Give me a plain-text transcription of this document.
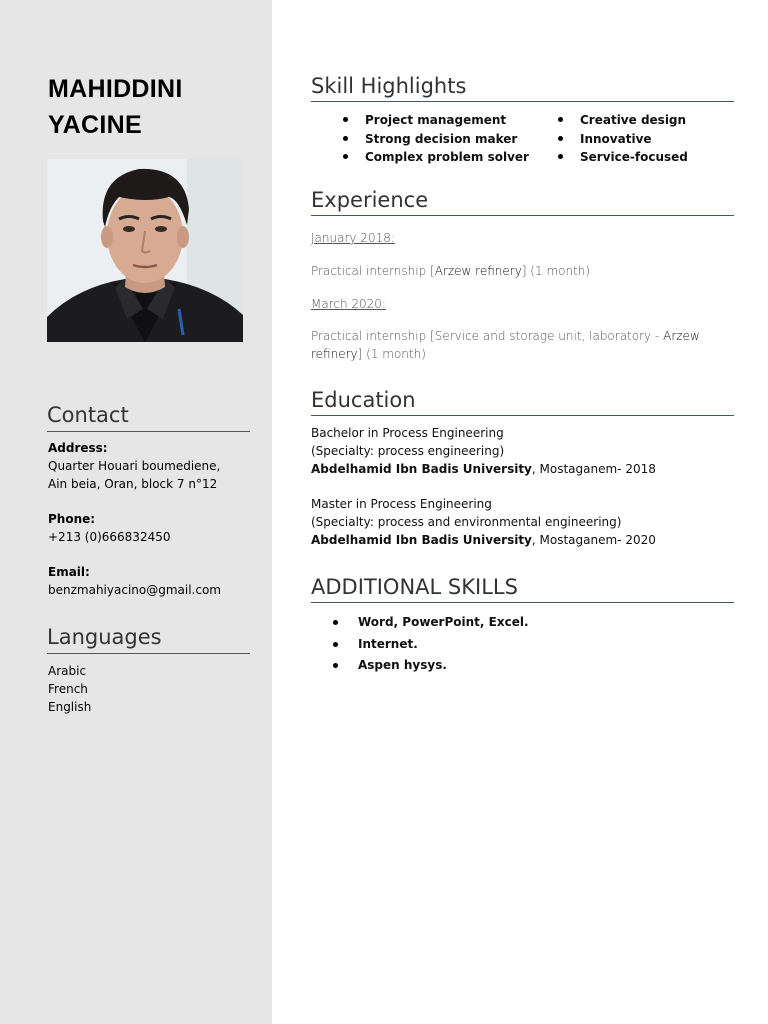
MAHIDDINI
YACINE
Contact
Address:
Quarter Houari boumediene,
Ain beia, Oran, block 7 n°12
Phone:
+213 (0)666832450
Email:
benzmahiyacino@gmail.com
Languages
Arabic
French
English
Skill Highlights
Project management
Strong decision maker
Complex problem solver
Creative design
Innovative
Service-focused
Experience
January 2018:
Practical internship [Arzew refinery] (1 month)
March 2020:
Practical internship [Service and storage unit, laboratory - Arzew refinery] (1 month)
Education
Bachelor in Process Engineering
(Specialty: process engineering)
Abdelhamid Ibn Badis University, Mostaganem- 2018
Master in Process Engineering
(Specialty: process and environmental engineering)
Abdelhamid Ibn Badis University, Mostaganem- 2020
ADDITIONAL SKILLS
Word, PowerPoint, Excel.
Internet.
Aspen hysys.
